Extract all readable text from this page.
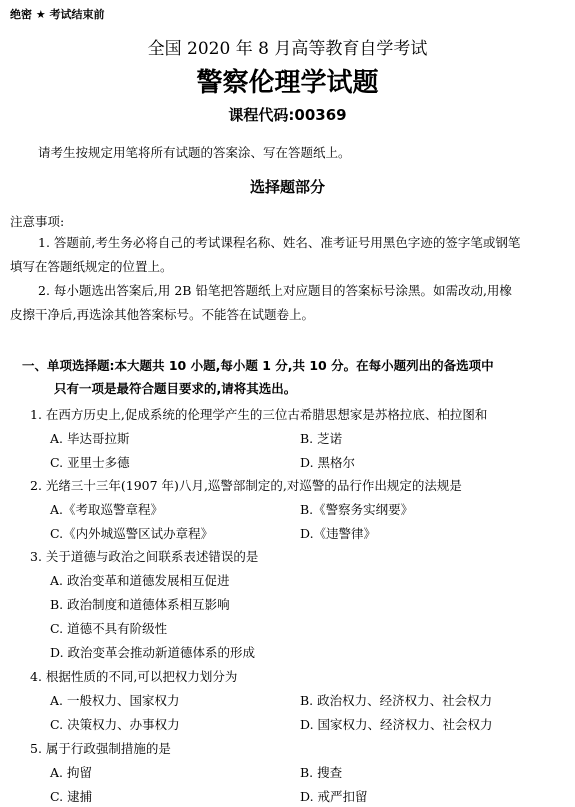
绝密 ★ 考试结束前
全国 2020 年 8 月高等教育自学考试
警察伦理学试题
课程代码:00369
请考生按规定用笔将所有试题的答案涂、写在答题纸上。
选择题部分
注意事项:
1. 答题前,考生务必将自己的考试课程名称、姓名、准考证号用黑色字迹的签字笔或钢笔
填写在答题纸规定的位置上。
2. 每小题选出答案后,用 2B 铅笔把答题纸上对应题目的答案标号涂黑。如需改动,用橡
皮擦干净后,再选涂其他答案标号。不能答在试题卷上。
一、单项选择题:本大题共 10 小题,每小题 1 分,共 10 分。在每小题列出的备选项中
只有一项是最符合题目要求的,请将其选出。
1. 在西方历史上,促成系统的伦理学产生的三位古希腊思想家是苏格拉底、柏拉图和
A. 毕达哥拉斯	B. 芝诺
C. 亚里士多德	D. 黑格尔
2. 光绪三十三年(1907 年)八月,巡警部制定的,对巡警的品行作出规定的法规是
A.《考取巡警章程》	B.《警察务实纲要》
C.《内外城巡警区试办章程》	D.《违警律》
3. 关于道德与政治之间联系表述错误的是
A. 政治变革和道德发展相互促进
B. 政治制度和道德体系相互影响
C. 道德不具有阶级性
D. 政治变革会推动新道德体系的形成
4. 根据性质的不同,可以把权力划分为
A. 一般权力、国家权力	B. 政治权力、经济权力、社会权力
C. 决策权力、办事权力	D. 国家权力、经济权力、社会权力
5. 属于行政强制措施的是
A. 拘留	B. 搜查
C. 逮捕	D. 戒严扣留
